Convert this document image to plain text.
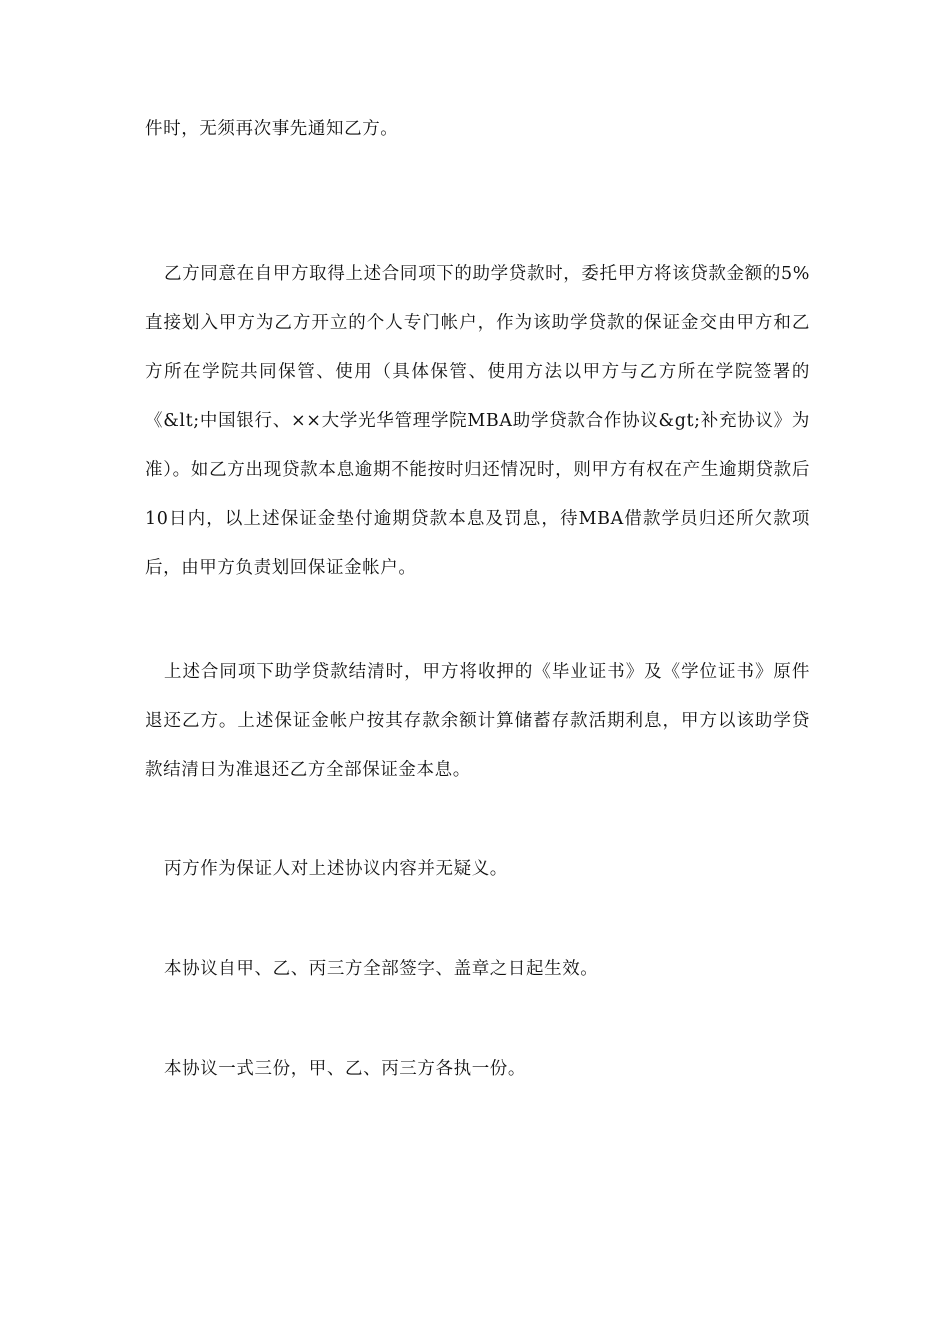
件时，无须再次事先通知乙方。

乙方同意在自甲方取得上述合同项下的助学贷款时，委托甲方将该贷款金额的5%直接划入甲方为乙方开立的个人专门帐户，作为该助学贷款的保证金交由甲方和乙方所在学院共同保管、使用（具体保管、使用方法以甲方与乙方所在学院签署的《&lt;中国银行、××大学光华管理学院MBA助学贷款合作协议&gt;补充协议》为准）。如乙方出现贷款本息逾期不能按时归还情况时，则甲方有权在产生逾期贷款后10日内，以上述保证金垫付逾期贷款本息及罚息，待MBA借款学员归还所欠款项后，由甲方负责划回保证金帐户。

上述合同项下助学贷款结清时，甲方将收押的《毕业证书》及《学位证书》原件退还乙方。上述保证金帐户按其存款余额计算储蓄存款活期利息，甲方以该助学贷款结清日为准退还乙方全部保证金本息。

丙方作为保证人对上述协议内容并无疑义。

本协议自甲、乙、丙三方全部签字、盖章之日起生效。

本协议一式三份，甲、乙、丙三方各执一份。
